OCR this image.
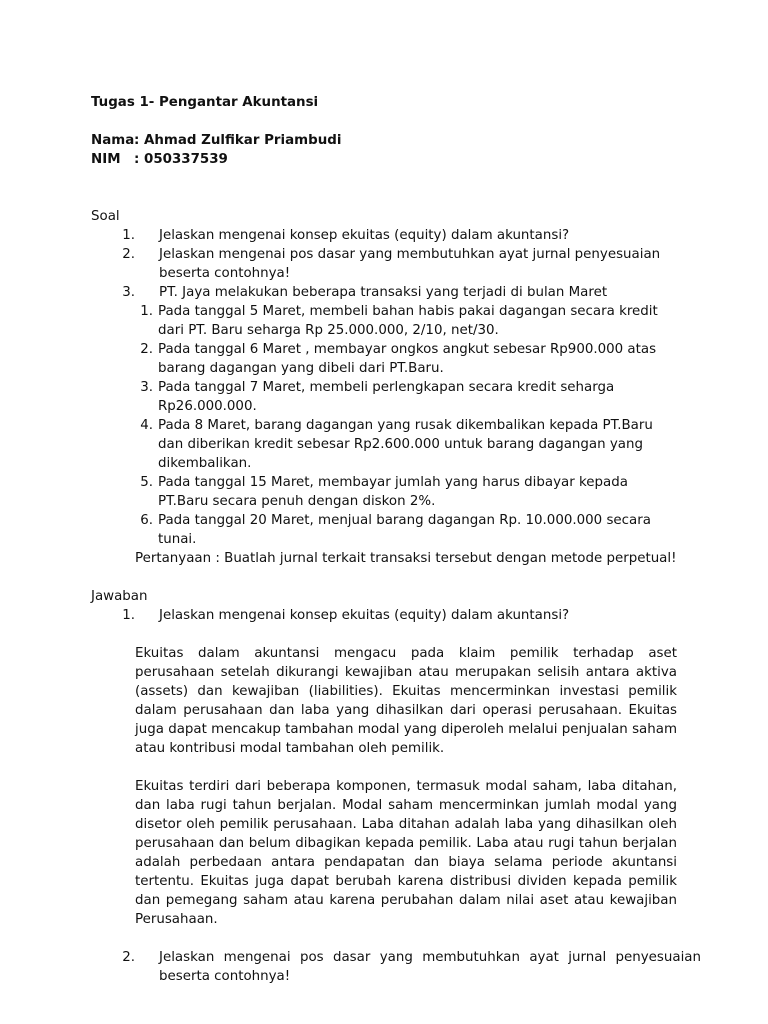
Tugas 1- Pengantar Akuntansi
Nama : Ahmad Zulfikar Priambudi
NIM	: 050337539
Soal
1. Jelaskan mengenai konsep ekuitas (equity) dalam akuntansi?
2. Jelaskan mengenai pos dasar yang membutuhkan ayat jurnal penyesuaian beserta contohnya!
3. PT. Jaya melakukan beberapa transaksi yang terjadi di bulan Maret
1. Pada tanggal 5 Maret, membeli bahan habis pakai dagangan secara kredit dari PT. Baru seharga Rp 25.000.000, 2/10, net/30.
2. Pada tanggal 6 Maret , membayar ongkos angkut sebesar Rp900.000 atas barang dagangan yang dibeli dari PT.Baru.
3. Pada tanggal 7 Maret, membeli perlengkapan secara kredit seharga Rp26.000.000.
4. Pada 8 Maret, barang dagangan yang rusak dikembalikan kepada PT.Baru dan diberikan kredit sebesar Rp2.600.000 untuk barang dagangan yang dikembalikan.
5. Pada tanggal 15 Maret, membayar jumlah yang harus dibayar kepada PT.Baru secara penuh dengan diskon 2%.
6. Pada tanggal 20 Maret, menjual barang dagangan Rp. 10.000.000 secara tunai.
Pertanyaan : Buatlah jurnal terkait transaksi tersebut dengan metode perpetual!
Jawaban
1. Jelaskan mengenai konsep ekuitas (equity) dalam akuntansi?
Ekuitas dalam akuntansi mengacu pada klaim pemilik terhadap aset perusahaan setelah dikurangi kewajiban atau merupakan selisih antara aktiva (assets) dan kewajiban (liabilities). Ekuitas mencerminkan investasi pemilik dalam perusahaan dan laba yang dihasilkan dari operasi perusahaan. Ekuitas juga dapat mencakup tambahan modal yang diperoleh melalui penjualan saham atau kontribusi modal tambahan oleh pemilik.
Ekuitas terdiri dari beberapa komponen, termasuk modal saham, laba ditahan, dan laba rugi tahun berjalan. Modal saham mencerminkan jumlah modal yang disetor oleh pemilik perusahaan. Laba ditahan adalah laba yang dihasilkan oleh perusahaan dan belum dibagikan kepada pemilik. Laba atau rugi tahun berjalan adalah perbedaan antara pendapatan dan biaya selama periode akuntansi tertentu. Ekuitas juga dapat berubah karena distribusi dividen kepada pemilik dan pemegang saham atau karena perubahan dalam nilai aset atau kewajiban Perusahaan.
2. Jelaskan mengenai pos dasar yang membutuhkan ayat jurnal penyesuaian beserta contohnya!
